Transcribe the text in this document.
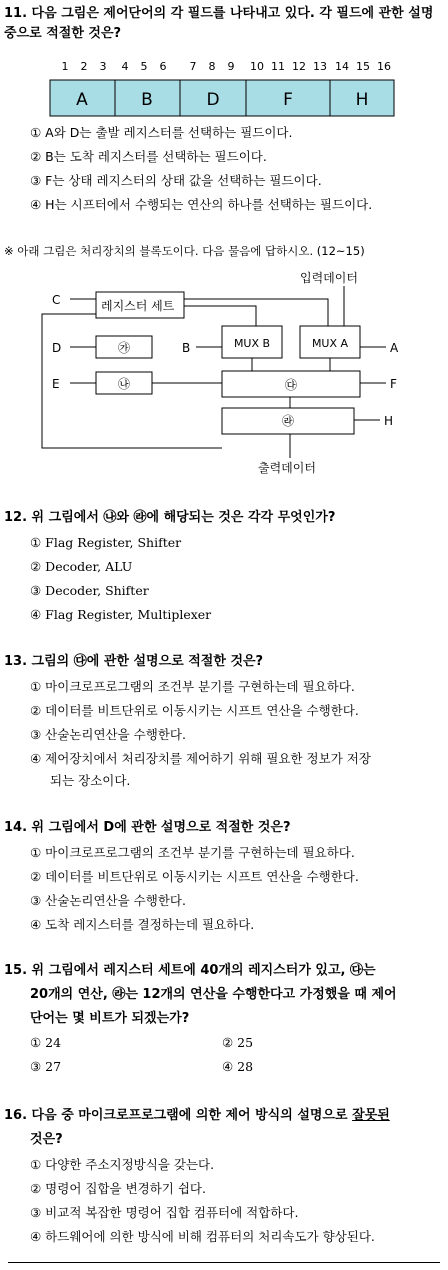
11. 다음 그림은 제어단어의 각 필드를 나타내고 있다. 각 필드에 관한 설명 중으로 적절한 것은?
1 2 3 4 5 6 7 8 9 10 11 12 13 14 15 16
A	B	D	F	H
① A와 D는 출발 레지스터를 선택하는 필드이다.
② B는 도착 레지스터를 선택하는 필드이다.
③ F는 상태 레지스터의 상태 값을 선택하는 필드이다.
④ H는 시프터에서 수행되는 연산의 하나를 선택하는 필드이다.
※ 아래 그림은 처리장치의 블록도이다. 다음 물음에 답하시오. (12~15)
입력데이터
C	레지스터 세트
D	㉮	B	MUX B	MUX A	A
E	㉯	㉰	F
㉱	H
출력데이터
12. 위 그림에서 ㉯와 ㉱에 해당되는 것은 각각 무엇인가?
① Flag Register, Shifter
② Decoder, ALU
③ Decoder, Shifter
④ Flag Register, Multiplexer
13. 그림의 ㉰에 관한 설명으로 적절한 것은?
① 마이크로프로그램의 조건부 분기를 구현하는데 필요하다.
② 데이터를 비트단위로 이동시키는 시프트 연산을 수행한다.
③ 산술논리연산을 수행한다.
④ 제어장치에서 처리장치를 제어하기 위해 필요한 정보가 저장
되는 장소이다.
14. 위 그림에서 D에 관한 설명으로 적절한 것은?
① 마이크로프로그램의 조건부 분기를 구현하는데 필요하다.
② 데이터를 비트단위로 이동시키는 시프트 연산을 수행한다.
③ 산술논리연산을 수행한다.
④ 도착 레지스터를 결정하는데 필요하다.
15. 위 그림에서 레지스터 세트에 40개의 레지스터가 있고, ㉰는
20개의 연산, ㉱는 12개의 연산을 수행한다고 가정했을 때 제어
단어는 몇 비트가 되겠는가?
① 24	② 25
③ 27	④ 28
16. 다음 중 마이크로프로그램에 의한 제어 방식의 설명으로 잘못된
것은?
① 다양한 주소지정방식을 갖는다.
② 명령어 집합을 변경하기 쉽다.
③ 비교적 복잡한 명령어 집합 컴퓨터에 적합하다.
④ 하드웨어에 의한 방식에 비해 컴퓨터의 처리속도가 향상된다.
